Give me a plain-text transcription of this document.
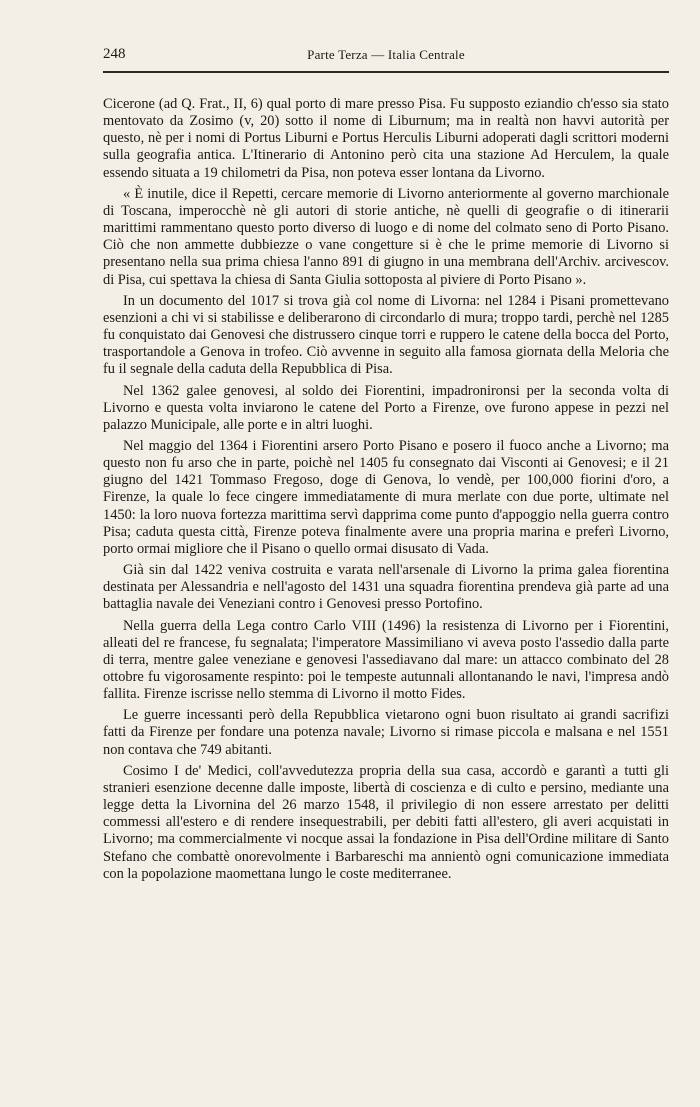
248	Parte Terza — Italia Centrale

Cicerone (ad Q. Frat., II, 6) qual porto di mare presso Pisa. Fu supposto eziandio ch'esso sia stato mentovato da Zosimo (v, 20) sotto il nome di Liburnum; ma in realtà non havvi autorità per questo, nè per i nomi di Portus Liburni e Portus Herculis Liburni adoperati dagli scrittori moderni sulla geografia antica. L'Itinerario di Antonino però cita una stazione Ad Herculem, la quale essendo situata a 19 chilometri da Pisa, non poteva esser lontana da Livorno.

« È inutile, dice il Repetti, cercare memorie di Livorno anteriormente al governo marchionale di Toscana, imperocchè nè gli autori di storie antiche, nè quelli di geografie o di itinerarii marittimi rammentano questo porto diverso di luogo e di nome del colmato seno di Porto Pisano. Ciò che non ammette dubbiezze o vane congetture si è che le prime memorie di Livorno si presentano nella sua prima chiesa l'anno 891 di giugno in una membrana dell'Archiv. arcivescov. di Pisa, cui spettava la chiesa di Santa Giulia sottoposta al piviere di Porto Pisano ».

In un documento del 1017 si trova già col nome di Livorna: nel 1284 i Pisani promettevano esenzioni a chi vi si stabilisse e deliberarono di circondarlo di mura; troppo tardi, perchè nel 1285 fu conquistato dai Genovesi che distrussero cinque torri e ruppero le catene della bocca del Porto, trasportandole a Genova in trofeo. Ciò avvenne in seguito alla famosa giornata della Meloria che fu il segnale della caduta della Repubblica di Pisa.

Nel 1362 galee genovesi, al soldo dei Fiorentini, impadronironsi per la seconda volta di Livorno e questa volta inviarono le catene del Porto a Firenze, ove furono appese in pezzi nel palazzo Municipale, alle porte e in altri luoghi.

Nel maggio del 1364 i Fiorentini arsero Porto Pisano e posero il fuoco anche a Livorno; ma questo non fu arso che in parte, poichè nel 1405 fu consegnato dai Visconti ai Genovesi; e il 21 giugno del 1421 Tommaso Fregoso, doge di Genova, lo vendè, per 100,000 fiorini d'oro, a Firenze, la quale lo fece cingere immediatamente di mura merlate con due porte, ultimate nel 1450: la loro nuova fortezza marittima servì dapprima come punto d'appoggio nella guerra contro Pisa; caduta questa città, Firenze poteva finalmente avere una propria marina e preferì Livorno, porto ormai migliore che il Pisano o quello ormai disusato di Vada.

Già sin dal 1422 veniva costruita e varata nell'arsenale di Livorno la prima galea fiorentina destinata per Alessandria e nell'agosto del 1431 una squadra fiorentina prendeva già parte ad una battaglia navale dei Veneziani contro i Genovesi presso Portofino.

Nella guerra della Lega contro Carlo VIII (1496) la resistenza di Livorno per i Fiorentini, alleati del re francese, fu segnalata; l'imperatore Massimiliano vi aveva posto l'assedio dalla parte di terra, mentre galee veneziane e genovesi l'assediavano dal mare: un attacco combinato del 28 ottobre fu vigorosamente respinto: poi le tempeste autunnali allontanando le navi, l'impresa andò fallita. Firenze iscrisse nello stemma di Livorno il motto Fides.

Le guerre incessanti però della Repubblica vietarono ogni buon risultato ai grandi sacrifizi fatti da Firenze per fondare una potenza navale; Livorno si rimase piccola e malsana e nel 1551 non contava che 749 abitanti.

Cosimo I de' Medici, coll'avvedutezza propria della sua casa, accordò e garantì a tutti gli stranieri esenzione decenne dalle imposte, libertà di coscienza e di culto e persino, mediante una legge detta la Livornina del 26 marzo 1548, il privilegio di non essere arrestato per delitti commessi all'estero e di rendere insequestrabili, per debiti fatti all'estero, gli averi acquistati in Livorno; ma commercialmente vi nocque assai la fondazione in Pisa dell'Ordine militare di Santo Stefano che combattè onorevolmente i Barbareschi ma annientò ogni comunicazione immediata con la popolazione maomettana lungo le coste mediterranee.
